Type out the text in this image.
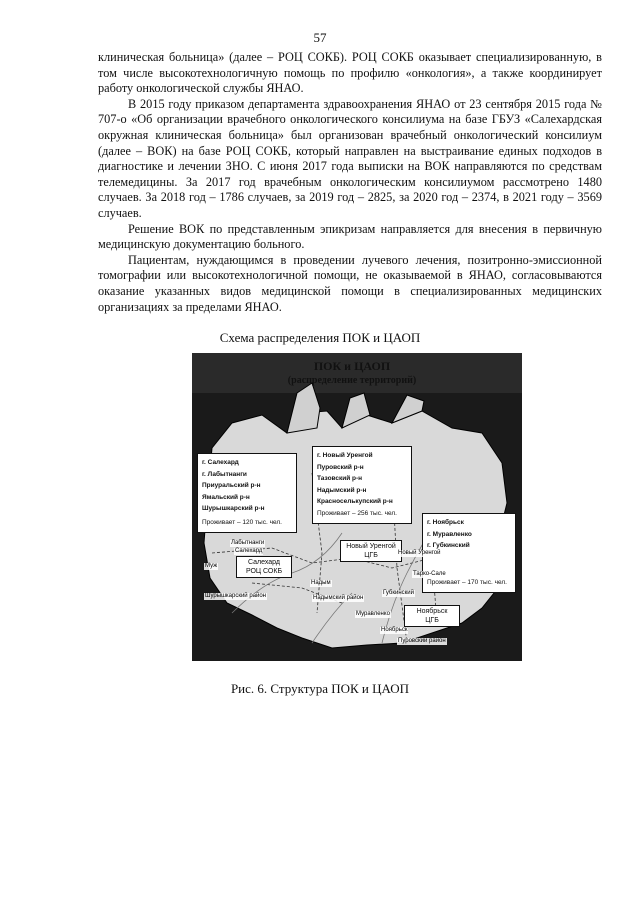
57

клиническая больница» (далее – РОЦ СОКБ). РОЦ СОКБ оказывает специализированную, в том числе высокотехнологичную помощь по профилю «онкология», а также координирует работу онкологической службы ЯНАО.

В 2015 году приказом департамента здравоохранения ЯНАО от 23 сентября 2015 года № 707-о «Об организации врачебного онкологического консилиума на базе ГБУЗ «Салехардская окружная клиническая больница» был организован врачебный онкологический консилиум (далее – ВОК) на базе РОЦ СОКБ, который направлен на выстраивание единых подходов в диагностике и лечении ЗНО. С июня 2017 года выписки на ВОК направляются по средствам телемедицины. За 2017 год врачебным онкологическим консилиумом рассмотрено 1480 случаев. За 2018 год – 1786 случаев, за 2019 год – 2825, за 2020 год – 2374, в 2021 году – 3569 случаев.

Решение ВОК по представленным эпикризам направляется для внесения в первичную медицинскую документацию больного.

Пациентам, нуждающимся в проведении лучевого лечения, позитронно-эмиссионной томографии или высокотехнологичной помощи, не оказываемой в ЯНАО, согласовываются оказание указанных видов медицинской помощи в специализированных медицинских организациях за пределами ЯНАО.

Схема распределения ПОК и ЦАОП
ПОК и ЦАОП
(распределение территорий)
г. Салехард
г. Лабытнанги
Приуральский р-н
Ямальский р-н
Шурышкарский р-н
Проживает – 120 тыс. чел.
г. Новый Уренгой
Пуровский р-н
Тазовский р-н
Надымский р-н
Красноселькупский р-н
Проживает – 256 тыс. чел.
г. Ноябрьск
г. Муравленко
г. Губкинский
Проживает – 170 тыс. чел.
Салехард
РОЦ СОКБ
Новый Уренгой
ЦГБ
Ноябрьск
ЦГБ
Лабытнанги
Салехард
Муж
Шурышкарский район
Надым
Надымский район
Новый Уренгой
Тарко-Сале
Губкинский
Муравленко
Ноябрьск
Пуровский район
Рис. 6. Структура ПОК и ЦАОП
